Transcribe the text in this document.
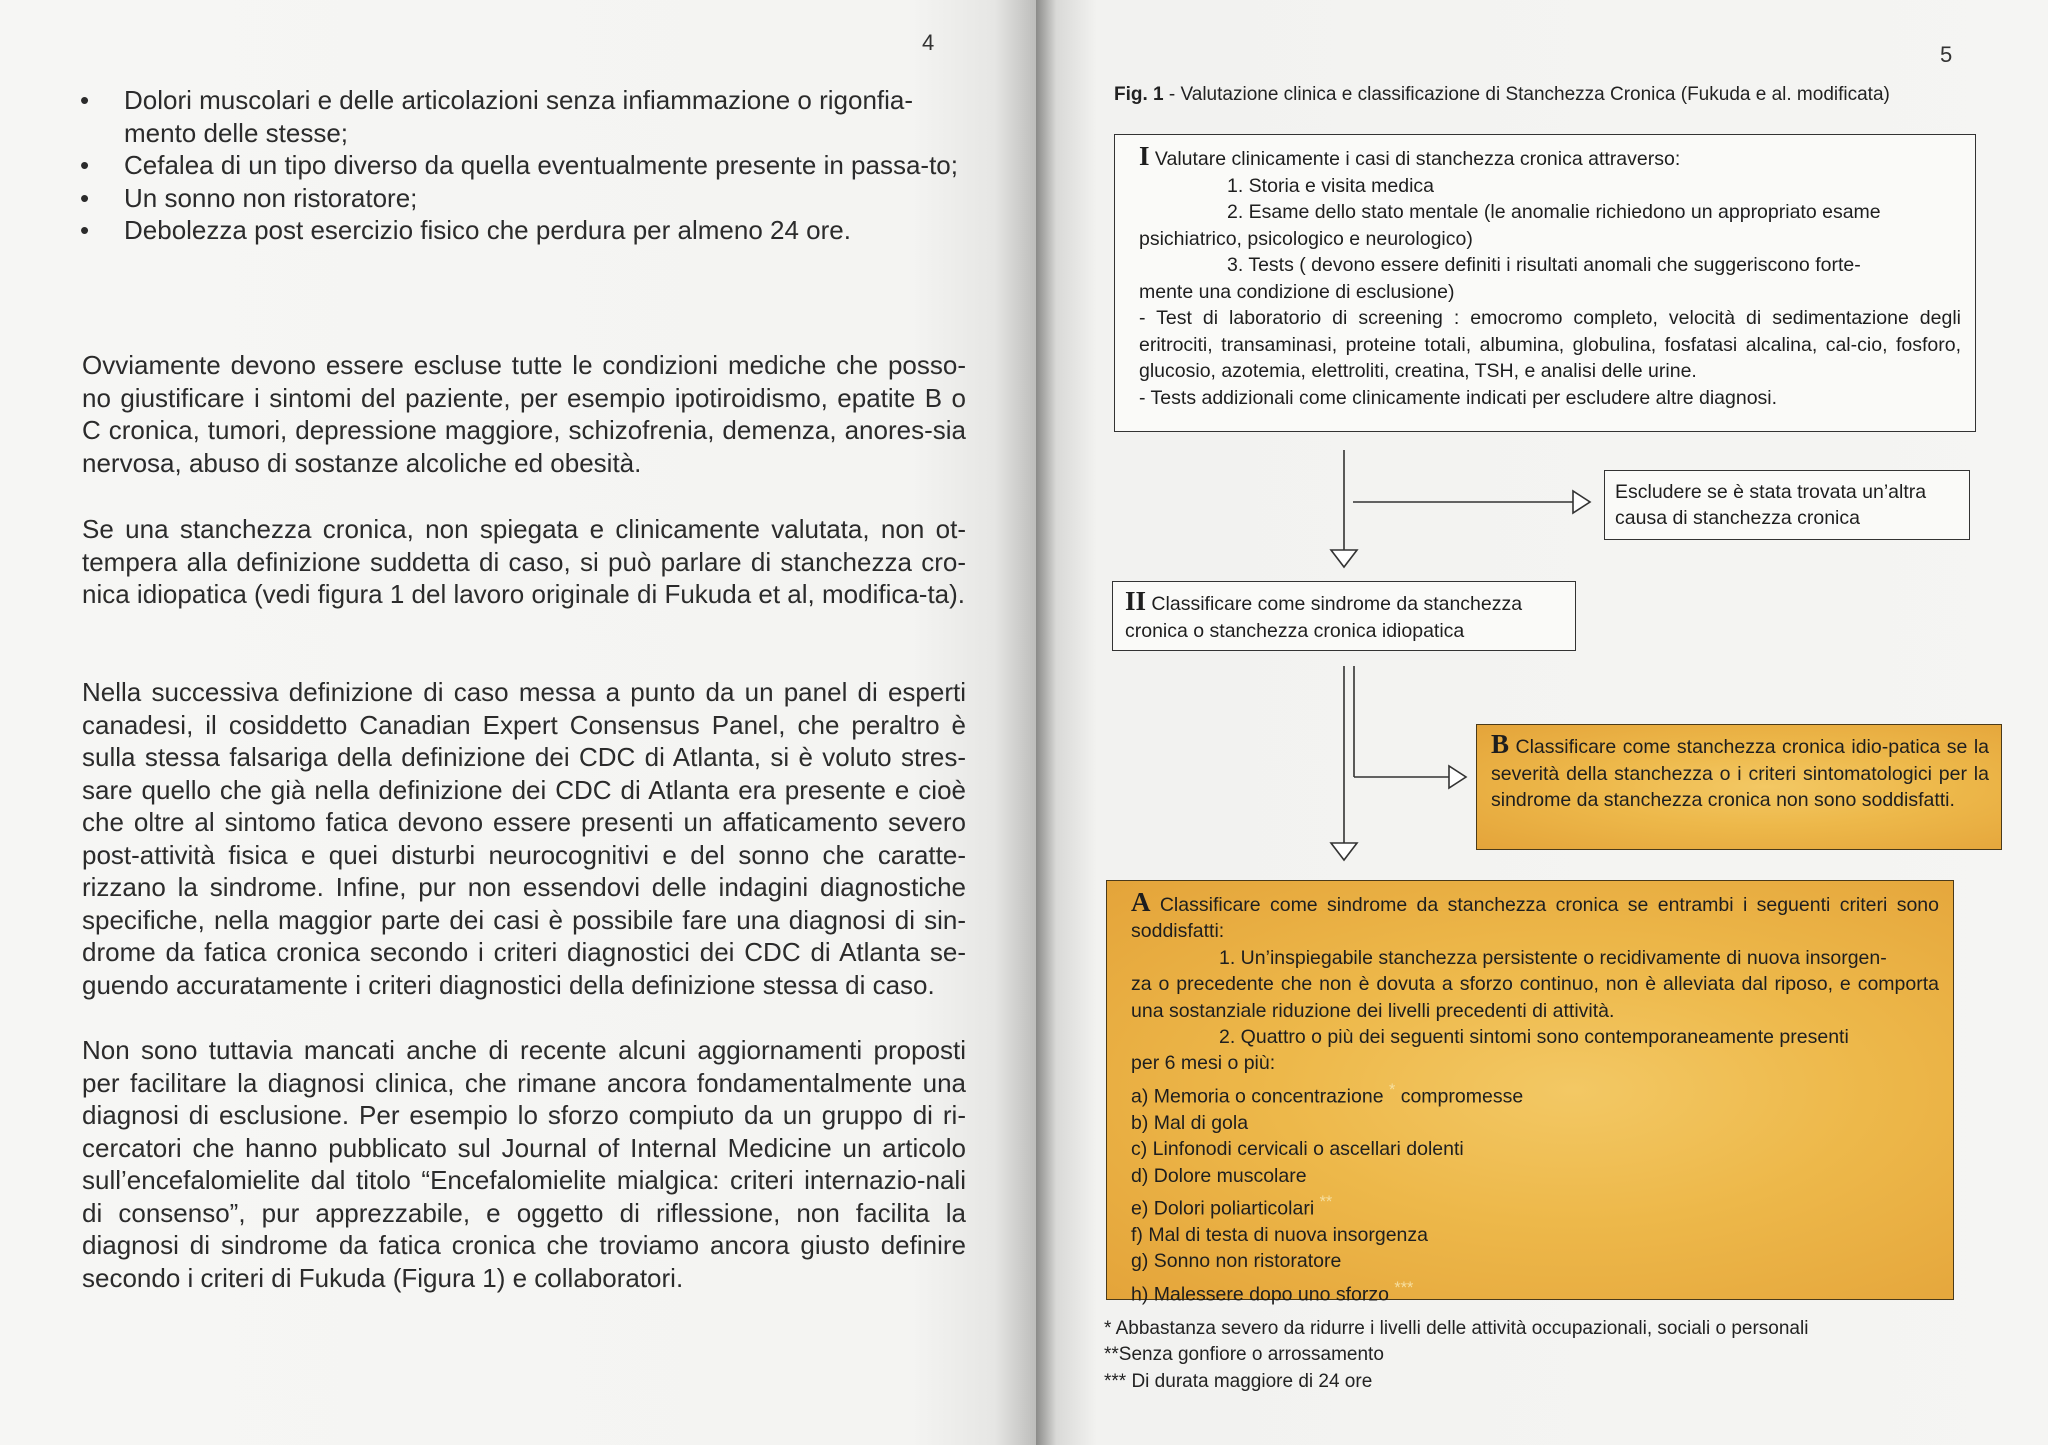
4
• Dolori muscolari e delle articolazioni senza infiammazione o rigonfia-mento delle stesse;
• Cefalea di un tipo diverso da quella eventualmente presente in passa-to;
• Un sonno non ristoratore;
• Debolezza post esercizio fisico che perdura per almeno 24 ore.

Ovviamente devono essere escluse tutte le condizioni mediche che posso-no giustificare i sintomi del paziente, per esempio ipotiroidismo, epatite B o C cronica, tumori, depressione maggiore, schizofrenia, demenza, anores-sia nervosa, abuso di sostanze alcoliche ed obesità.

Se una stanchezza cronica, non spiegata e clinicamente valutata, non ot-tempera alla definizione suddetta di caso, si può parlare di stanchezza cro-nica idiopatica (vedi figura 1 del lavoro originale di Fukuda et al, modifica-ta).

Nella successiva definizione di caso messa a punto da un panel di esperti canadesi, il cosiddetto Canadian Expert Consensus Panel, che peraltro è sulla stessa falsariga della definizione dei CDC di Atlanta, si è voluto stres-sare quello che già nella definizione dei CDC di Atlanta era presente e cioè che oltre al sintomo fatica devono essere presenti un affaticamento severo post-attività fisica e quei disturbi neurocognitivi e del sonno che caratte-rizzano la sindrome. Infine, pur non essendovi delle indagini diagnostiche specifiche, nella maggior parte dei casi è possibile fare una diagnosi di sin-drome da fatica cronica secondo i criteri diagnostici dei CDC di Atlanta se-guendo accuratamente i criteri diagnostici della definizione stessa di caso.

Non sono tuttavia mancati anche di recente alcuni aggiornamenti proposti per facilitare la diagnosi clinica, che rimane ancora fondamentalmente una diagnosi di esclusione. Per esempio lo sforzo compiuto da un gruppo di ri-cercatori che hanno pubblicato sul Journal of Internal Medicine un articolo sull’encefalomielite dal titolo “Encefalomielite mialgica: criteri internazio-nali di consenso”, pur apprezzabile, e oggetto di riflessione, non facilita la diagnosi di sindrome da fatica cronica che troviamo ancora giusto definire secondo i criteri di Fukuda (Figura 1) e collaboratori.

5
Fig. 1 - Valutazione clinica e classificazione di Stanchezza Cronica (Fukuda e al. modificata)
I Valutare clinicamente i casi di stanchezza cronica attraverso:
1. Storia e visita medica
2. Esame dello stato mentale (le anomalie richiedono un appropriato esame
psichiatrico, psicologico e neurologico)
3. Tests ( devono essere definiti i risultati anomali che suggeriscono forte-
mente una condizione di esclusione)
- Test di laboratorio di screening : emocromo completo, velocità di sedimentazione degli eritrociti, transaminasi, proteine totali, albumina, globulina, fosfatasi alcalina, cal-cio, fosforo, glucosio, azotemia, elettroliti, creatina, TSH, e analisi delle urine.
- Tests addizionali come clinicamente indicati per escludere altre diagnosi.
Escludere se è stata trovata un’altra causa di stanchezza cronica
II Classificare come sindrome da stanchezza cronica o stanchezza cronica idiopatica
B Classificare come stanchezza cronica idio-patica se la severità della stanchezza o i criteri sintomatologici per la sindrome da stanchezza cronica non sono soddisfatti.
A Classificare come sindrome da stanchezza cronica se entrambi i seguenti criteri sono soddisfatti:
1. Un’inspiegabile stanchezza persistente o recidivamente di nuova insorgen-
za o precedente che non è dovuta a sforzo continuo, non è alleviata dal riposo, e comporta una sostanziale riduzione dei livelli precedenti di attività.
2. Quattro o più dei seguenti sintomi sono contemporaneamente presenti
per 6 mesi o più:
a) Memoria o concentrazione * compromesse
b) Mal di gola
c) Linfonodi cervicali o ascellari dolenti
d) Dolore muscolare
e) Dolori poliarticolari **
f) Mal di testa di nuova insorgenza
g) Sonno non ristoratore
h) Malessere dopo uno sforzo ***
* Abbastanza severo da ridurre i livelli delle attività occupazionali, sociali o personali
**Senza gonfiore o arrossamento
*** Di durata maggiore di 24 ore
